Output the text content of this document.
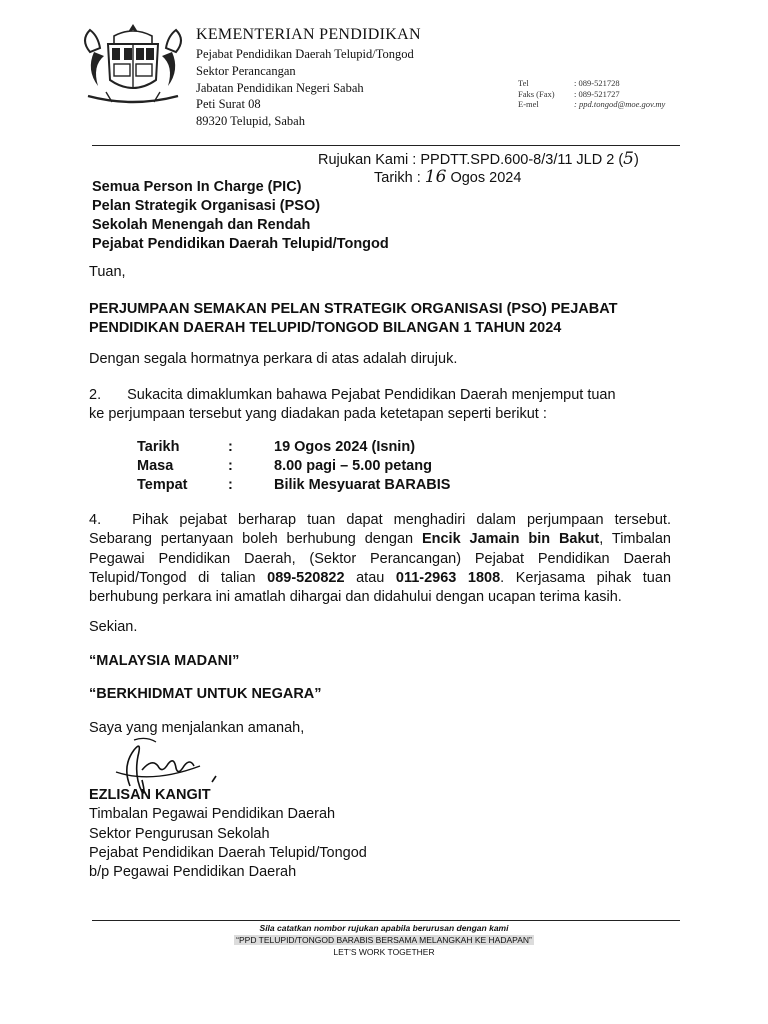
KEMENTERIAN PENDIDIKAN
Pejabat Pendidikan Daerah Telupid/Tongod
Sektor Perancangan
Jabatan Pendidikan Negeri Sabah
Peti Surat 08
89320 Telupid, Sabah
Tel	: 089-521728
Faks (Fax) : 089-521727
E-mel	: ppd.tongod@moe.gov.my
Rujukan Kami : PPDTT.SPD.600-8/3/11 JLD 2 (5)
Tarikh : 16 Ogos 2024
Semua Person In Charge (PIC)
Pelan Strategik Organisasi (PSO)
Sekolah Menengah dan Rendah
Pejabat Pendidikan Daerah Telupid/Tongod
Tuan,
PERJUMPAAN SEMAKAN PELAN STRATEGIK ORGANISASI (PSO) PEJABAT
PENDIDIKAN DAERAH TELUPID/TONGOD BILANGAN 1 TAHUN 2024
Dengan segala hormatnya perkara di atas adalah dirujuk.
2. Sukacita dimaklumkan bahawa Pejabat Pendidikan Daerah menjemput tuan
ke perjumpaan tersebut yang diadakan pada ketetapan seperti berikut :
Tarikh	:	19 Ogos 2024 (Isnin)
Masa	:	8.00 pagi – 5.00 petang
Tempat	:	Bilik Mesyuarat BARABIS
4. Pihak pejabat berharap tuan dapat menghadiri dalam perjumpaan tersebut. Sebarang pertanyaan boleh berhubung dengan Encik Jamain bin Bakut, Timbalan Pegawai Pendidikan Daerah, (Sektor Perancangan) Pejabat Pendidikan Daerah Telupid/Tongod di talian 089-520822 atau 011-2963 1808. Kerjasama pihak tuan berhubung perkara ini amatlah dihargai dan didahului dengan ucapan terima kasih.
Sekian.
“MALAYSIA MADANI”
“BERKHIDMAT UNTUK NEGARA”
Saya yang menjalankan amanah,
EZLISAN KANGIT
Timbalan Pegawai Pendidikan Daerah
Sektor Pengurusan Sekolah
Pejabat Pendidikan Daerah Telupid/Tongod
b/p Pegawai Pendidikan Daerah
Sila catatkan nombor rujukan apabila berurusan dengan kami
“PPD TELUPID/TONGOD BARABIS BERSAMA MELANGKAH KE HADAPAN”
LET’S WORK TOGETHER
